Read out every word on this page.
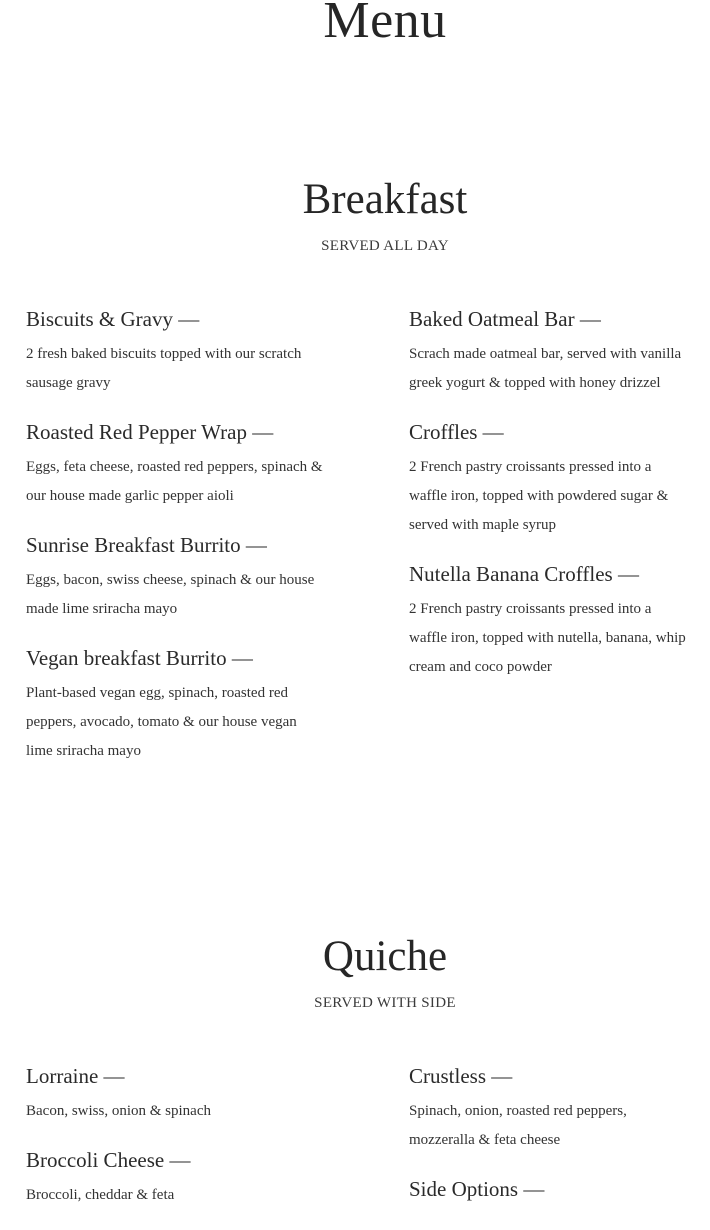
Menu
Breakfast

SERVED ALL DAY

Biscuits & Gravy —

2 fresh baked biscuits topped with our scratch sausage gravy

Roasted Red Pepper Wrap —

Eggs, feta cheese, roasted red peppers, spinach & our house made garlic pepper aioli

Sunrise Breakfast Burrito —

Eggs, bacon, swiss cheese, spinach & our house made lime sriracha mayo

Vegan breakfast Burrito —

Plant-based vegan egg, spinach, roasted red peppers, avocado, tomato & our house vegan lime sriracha mayo

Baked Oatmeal Bar —

Scrach made oatmeal bar, served with vanilla greek yogurt & topped with honey drizzel

Croffles —

2 French pastry croissants pressed into a waffle iron, topped with powdered sugar & served with maple syrup

Nutella Banana Croffles —

2 French pastry croissants pressed into a waffle iron, topped with nutella, banana, whip cream and coco powder

Quiche

SERVED WITH SIDE

Lorraine —

Bacon, swiss, onion & spinach

Broccoli Cheese —

Broccoli, cheddar & feta

Crustless —

Spinach, onion, roasted red peppers, mozzeralla & feta cheese

Side Options —
